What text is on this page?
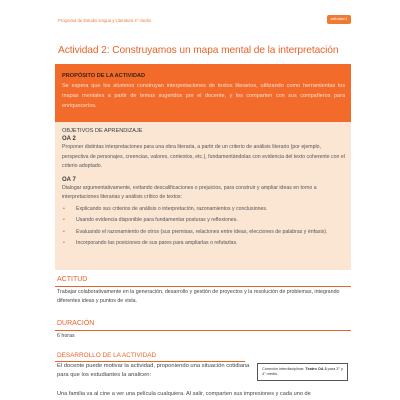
Programa de Estudio lengua y Literatura 4° medio	actividad 2
Actividad 2: Construyamos un mapa mental de la interpretación
PROPÓSITO DE LA ACTIVIDAD
Se espera que los alumnos construyan interpretaciones de textos literarios, utilizando como herramientas los mapas mentales a partir de temas sugeridos por el docente, y los comparten con sus compañeros para enriquecerlos.
OBJETIVOS DE APRENDIZAJE
OA 2
Proponer distintas interpretaciones para una obra literaria, a partir de un criterio de análisis literario (por ejemplo, perspectiva de personajes, creencias, valores, contextos, etc.), fundamentándolas con evidencia del texto coherente con el criterio adoptado.
OA 7
Dialogar argumentativamente, evitando descalificaciones o prejuicios, para construir y ampliar ideas en torno a interpretaciones literarias y análisis crítico de textos:
• Explicando sus criterios de análisis o interpretación, razonamientos y conclusiones.
• Usando evidencia disponible para fundamentar posturas y reflexiones.
• Evaluando el razonamiento de otros (sus premisas, relaciones entre ideas, elecciones de palabras y énfasis).
• Incorporando las posiciones de sus pares para ampliarlas o refutarlas.
ACTITUD
Trabajar colaborativamente en la generación, desarrollo y gestión de proyectos y la resolución de problemas, integrando diferentes ideas y puntos de vista.
DURACIÓN
6 horas
DESARROLLO DE LA ACTIVIDAD
El docente puede motivar la actividad, proponiendo una situación cotidiana para que los estudiantes la analicen:
Conexión interdisciplinar: Teatro OA 3 para 3° y 4° medio.
Una familia va al cine a ver una película cualquiera. Al salir, comparten sus impresiones y cada uno de
